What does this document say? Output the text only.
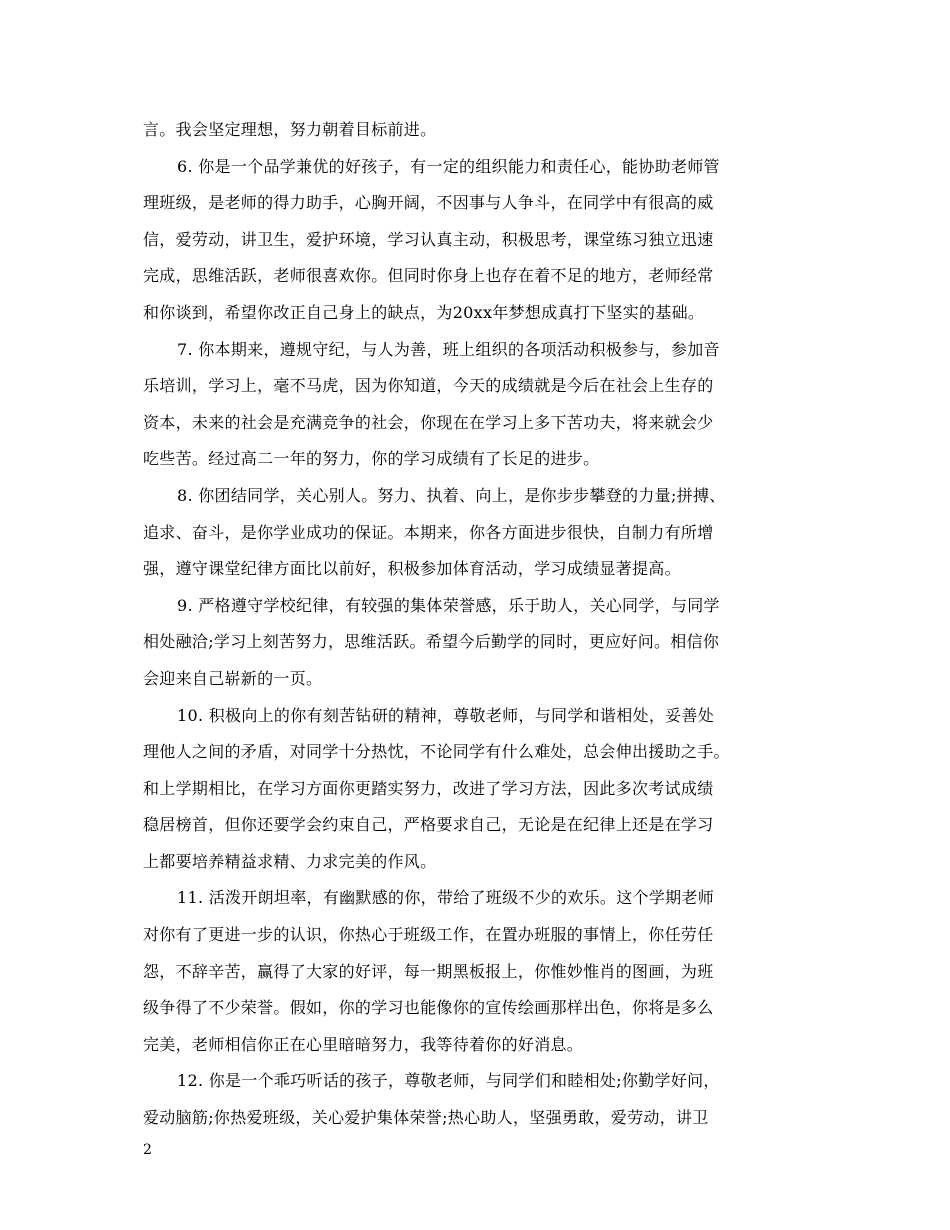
言。我会坚定理想，努力朝着目标前进。
6. 你是一个品学兼优的好孩子，有一定的组织能力和责任心，能协助老师管
理班级，是老师的得力助手，心胸开阔，不因事与人争斗，在同学中有很高的威
信，爱劳动，讲卫生，爱护环境，学习认真主动，积极思考，课堂练习独立迅速
完成，思维活跃，老师很喜欢你。但同时你身上也存在着不足的地方，老师经常
和你谈到，希望你改正自己身上的缺点，为20xx年梦想成真打下坚实的基础。
7. 你本期来，遵规守纪，与人为善，班上组织的各项活动积极参与，参加音
乐培训，学习上，毫不马虎，因为你知道，今天的成绩就是今后在社会上生存的
资本，未来的社会是充满竞争的社会，你现在在学习上多下苦功夫，将来就会少
吃些苦。经过高二一年的努力，你的学习成绩有了长足的进步。
8. 你团结同学，关心别人。努力、执着、向上，是你步步攀登的力量;拼搏、
追求、奋斗，是你学业成功的保证。本期来，你各方面进步很快，自制力有所增
强，遵守课堂纪律方面比以前好，积极参加体育活动，学习成绩显著提高。
9. 严格遵守学校纪律，有较强的集体荣誉感，乐于助人，关心同学，与同学
相处融洽;学习上刻苦努力，思维活跃。希望今后勤学的同时，更应好问。相信你
会迎来自己崭新的一页。
10. 积极向上的你有刻苦钻研的精神，尊敬老师，与同学和谐相处，妥善处
理他人之间的矛盾，对同学十分热忱，不论同学有什么难处，总会伸出援助之手。
和上学期相比，在学习方面你更踏实努力，改进了学习方法，因此多次考试成绩
稳居榜首，但你还要学会约束自己，严格要求自己，无论是在纪律上还是在学习
上都要培养精益求精、力求完美的作风。
11. 活泼开朗坦率，有幽默感的你，带给了班级不少的欢乐。这个学期老师
对你有了更进一步的认识，你热心于班级工作，在置办班服的事情上，你任劳任
怨，不辞辛苦，赢得了大家的好评，每一期黑板报上，你惟妙惟肖的图画，为班
级争得了不少荣誉。假如，你的学习也能像你的宣传绘画那样出色，你将是多么
完美，老师相信你正在心里暗暗努力，我等待着你的好消息。
12. 你是一个乖巧听话的孩子，尊敬老师，与同学们和睦相处;你勤学好问，
爱动脑筋;你热爱班级，关心爱护集体荣誉;热心助人，坚强勇敢，爱劳动，讲卫
2
